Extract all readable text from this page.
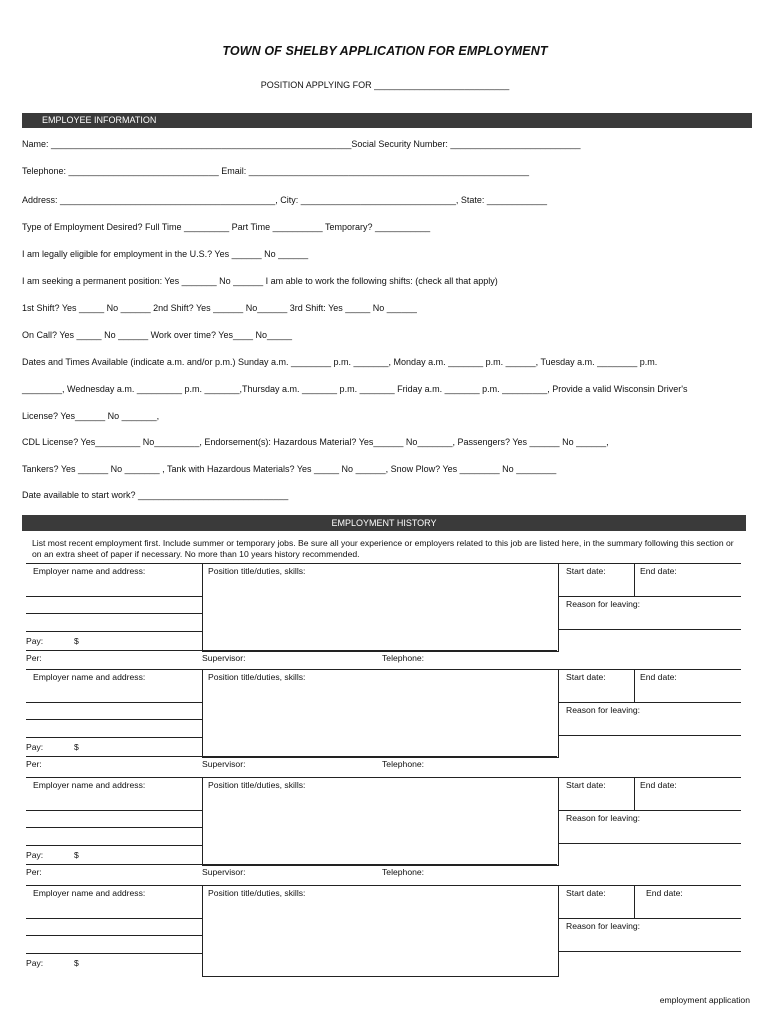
TOWN OF SHELBY APPLICATION FOR EMPLOYMENT
POSITION APPLYING FOR ___________________________
EMPLOYEE INFORMATION
Name: ____________________________________________________________Social Security Number: __________________________
Telephone: ______________________________ Email: ________________________________________________________
Address: ___________________________________________, City: _______________________________, State: ____________
Type of Employment Desired? Full Time _________ Part Time __________ Temporary? ___________
I am legally eligible for employment in the U.S.? Yes ______ No ______
I am seeking a permanent position: Yes _______ No ______ I am able to work the following shifts: (check all that apply)
1st Shift? Yes _____ No ______ 2nd Shift? Yes ______ No______ 3rd Shift: Yes _____ No ______
On Call? Yes _____ No ______ Work over time? Yes____ No_____
Dates and Times Available (indicate a.m. and/or p.m.) Sunday a.m. ________ p.m. _______, Monday a.m. _______ p.m. ______, Tuesday a.m. ________ p.m.
________, Wednesday a.m. _________ p.m. _______,Thursday a.m. _______ p.m. _______ Friday a.m. _______ p.m. _________, Provide a valid Wisconsin Driver's
License? Yes______ No _______,
CDL License? Yes_________ No_________, Endorsement(s): Hazardous Material? Yes______ No_______, Passengers? Yes ______ No ______,
Tankers? Yes ______ No _______ , Tank with Hazardous Materials? Yes _____ No ______, Snow Plow? Yes ________ No ________
Date available to start work? ______________________________
EMPLOYMENT HISTORY
List most recent employment first. Include summer or temporary jobs. Be sure all your experience or employers related to this job are listed here, in the summary following this section or on an extra sheet of paper if necessary. No more than 10 years history recommended.
Employer name and address:	Position title/duties, skills:	Start date:	End date:
Reason for leaving:
Pay:	$
Per:	Supervisor:	Telephone:
Employer name and address:	Position title/duties, skills:	Start date:	End date:
Reason for leaving:
Pay:	$
Per:	Supervisor:	Telephone:
Employer name and address:	Position title/duties, skills:	Start date:	End date:
Reason for leaving:
Pay:	$
Per:	Supervisor:	Telephone:
Employer name and address:	Position title/duties, skills:	Start date:	End date:
Reason for leaving:
Pay:	$
employment application
